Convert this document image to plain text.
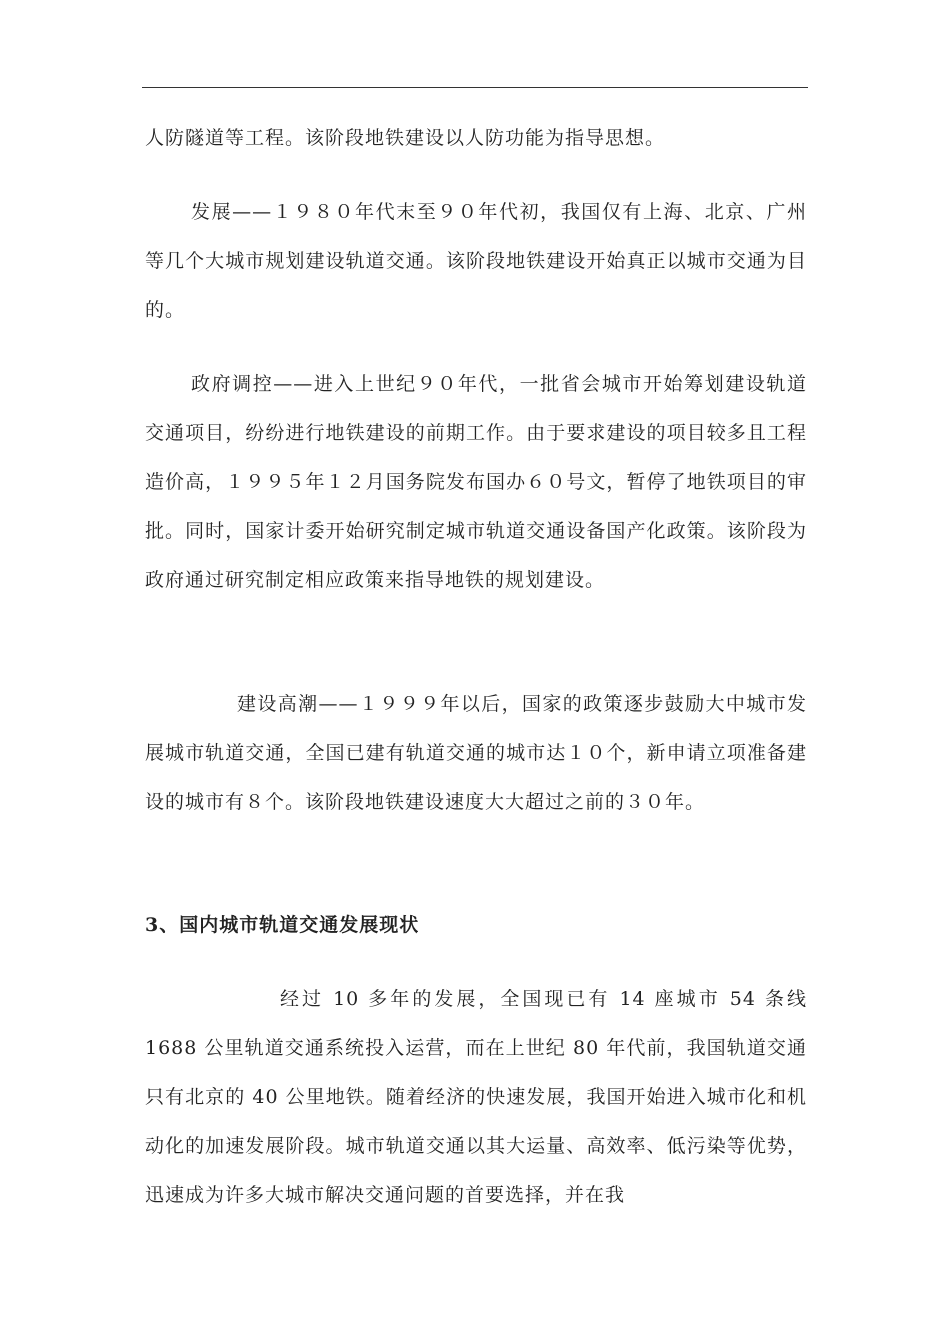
人防隧道等工程。该阶段地铁建设以人防功能为指导思想。

发展——１９８０年代末至９０年代初，我国仅有上海、北京、广州等几个大城市规划建设轨道交通。该阶段地铁建设开始真正以城市交通为目的。

政府调控——进入上世纪９０年代，一批省会城市开始筹划建设轨道交通项目，纷纷进行地铁建设的前期工作。由于要求建设的项目较多且工程造价高，１９９５年１２月国务院发布国办６０号文，暂停了地铁项目的审批。同时，国家计委开始研究制定城市轨道交通设备国产化政策。该阶段为政府通过研究制定相应政策来指导地铁的规划建设。

建设高潮——１９９９年以后，国家的政策逐步鼓励大中城市发展城市轨道交通，全国已建有轨道交通的城市达１０个，新申请立项准备建设的城市有８个。该阶段地铁建设速度大大超过之前的３０年。

3、国内城市轨道交通发展现状

经过 10 多年的发展，全国现已有 14 座城市 54 条线 1688 公里轨道交通系统投入运营，而在上世纪 80 年代前，我国轨道交通只有北京的 40 公里地铁。随着经济的快速发展，我国开始进入城市化和机动化的加速发展阶段。城市轨道交通以其大运量、高效率、低污染等优势，迅速成为许多大城市解决交通问题的首要选择，并在我
